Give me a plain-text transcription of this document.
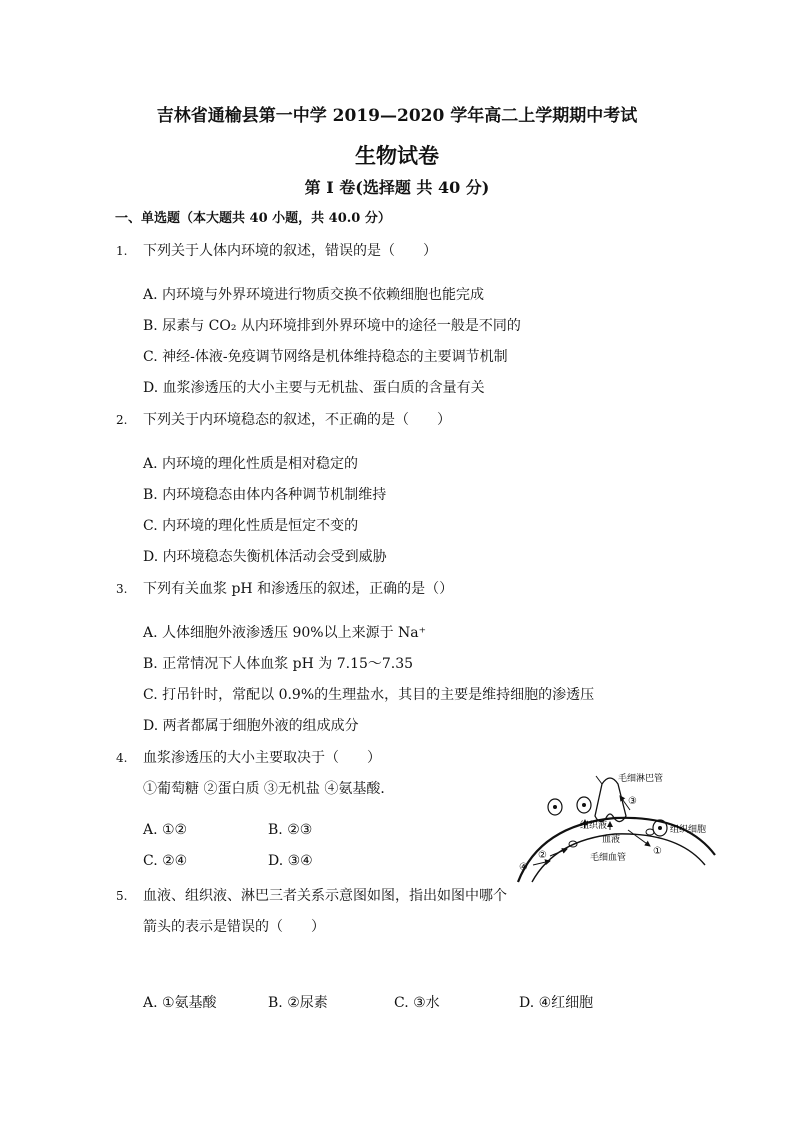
吉林省通榆县第一中学 2019—2020 学年高二上学期期中考试
生物试卷
第 I 卷(选择题 共 40 分)
一、单选题（本大题共 40 小题，共 40.0 分）
1. 下列关于人体内环境的叙述，错误的是（　　）
A. 内环境与外界环境进行物质交换不依赖细胞也能完成
B. 尿素与 CO₂ 从内环境排到外界环境中的途径一般是不同的
C. 神经-体液-免疫调节网络是机体维持稳态的主要调节机制
D. 血浆渗透压的大小主要与无机盐、蛋白质的含量有关
2. 下列关于内环境稳态的叙述，不正确的是（　　）
A. 内环境的理化性质是相对稳定的
B. 内环境稳态由体内各种调节机制维持
C. 内环境的理化性质是恒定不变的
D. 内环境稳态失衡机体活动会受到威胁
3. 下列有关血浆 pH 和渗透压的叙述，正确的是（）
A. 人体细胞外液渗透压 90%以上来源于 Na⁺
B. 正常情况下人体血浆 pH 为 7.15～7.35
C. 打吊针时，常配以 0.9%的生理盐水，其目的主要是维持细胞的渗透压
D. 两者都属于细胞外液的组成成分
4. 血浆渗透压的大小主要取决于（　　）
①葡萄糖 ②蛋白质 ③无机盐 ④氨基酸．
A. ①②	B. ②③
C. ②④	D. ③④
5. 血液、组织液、淋巴三者关系示意图如图，指出如图中哪个
箭头的表示是错误的（　　）
A. ①氨基酸	B. ②尿素	C. ③水	D. ④红细胞
毛细淋巴管
组织液
血液
组织细胞
毛细血管
①
②
③
④
